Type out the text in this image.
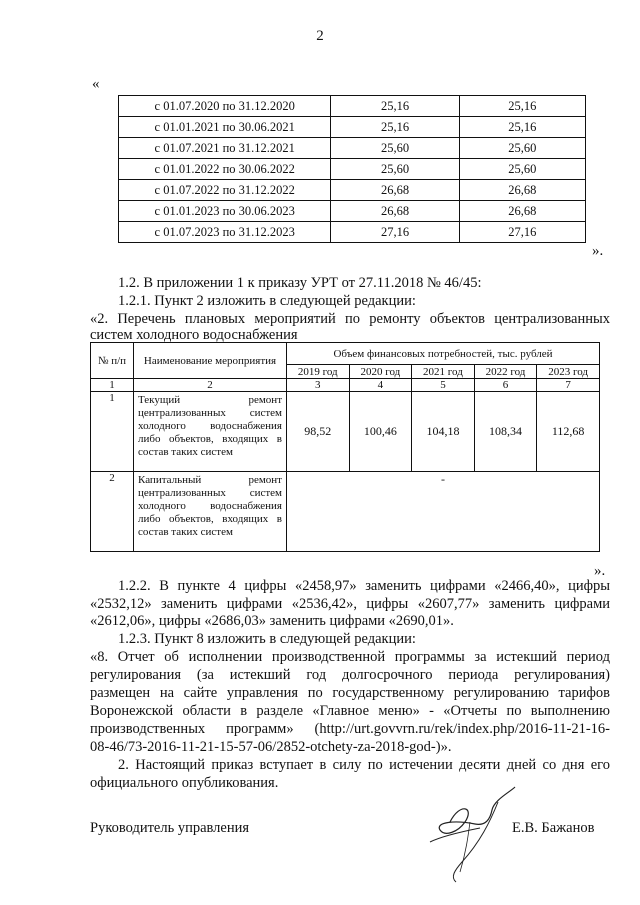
2
«
с 01.07.2020 по 31.12.2020	25,16	25,16
с 01.01.2021 по 30.06.2021	25,16	25,16
с 01.07.2021 по 31.12.2021	25,60	25,60
с 01.01.2022 по 30.06.2022	25,60	25,60
с 01.07.2022 по 31.12.2022	26,68	26,68
с 01.01.2023 по 30.06.2023	26,68	26,68
с 01.07.2023 по 31.12.2023	27,16	27,16
».
1.2. В приложении 1 к приказу УРТ от 27.11.2018 № 46/45:
1.2.1. Пункт 2 изложить в следующей редакции:
«2. Перечень плановых мероприятий по ремонту объектов централизованных
систем холодного водоснабжения
№ п/п	Наименование мероприятия	Объем финансовых потребностей, тыс. рублей				
		2019 год	2020 год	2021 год	2022 год	2023 год
1	2	3	4	5	6	7
1	Текущий ремонт централизованных систем холодного водоснабжения либо объектов, входящих в состав таких систем	98,52	100,46	104,18	108,34	112,68
2	Капитальный ремонт централизованных систем холодного водоснабжения либо объектов, входящих в состав таких систем	-				
».
1.2.2. В пункте 4 цифры «2458,97» заменить цифрами «2466,40», цифры
«2532,12» заменить цифрами «2536,42», цифры «2607,77» заменить цифрами
«2612,06», цифры «2686,03» заменить цифрами «2690,01».
1.2.3. Пункт 8 изложить в следующей редакции:
«8. Отчет об исполнении производственной программы за истекший период
регулирования (за истекший год долгосрочного периода регулирования)
размещен на сайте управления по государственному регулированию тарифов
Воронежской области в разделе «Главное меню» - «Отчеты по выполнению
производственных программ» (http://urt.govvrn.ru/rek/index.php/2016-11-21-16-
08-46/73-2016-11-21-15-57-06/2852-otchety-za-2018-god-)».
2. Настоящий приказ вступает в силу по истечении десяти дней со дня его
официального опубликования.
Руководитель управления	Е.В. Бажанов
